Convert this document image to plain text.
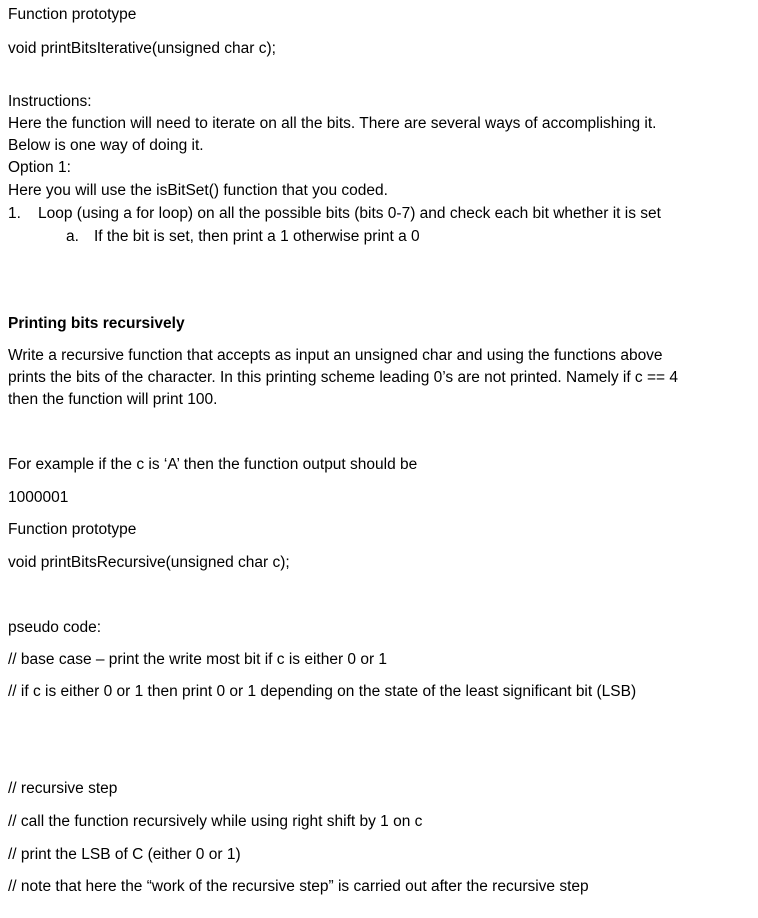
Function prototype
void printBitsIterative(unsigned char c);
Instructions:
Here the function will need to iterate on all the bits. There are several ways of accomplishing it.
Below is one way of doing it.
Option 1:
Here you will use the isBitSet() function that you coded.
1. Loop (using a for loop) on all the possible bits (bits 0-7) and check each bit whether it is set
a. If the bit is set, then print a 1 otherwise print a 0
Printing bits recursively
Write a recursive function that accepts as input an unsigned char and using the functions above
prints the bits of the character. In this printing scheme leading 0’s are not printed. Namely if c == 4
then the function will print 100.
For example if the c is ‘A’ then the function output should be
1000001
Function prototype
void printBitsRecursive(unsigned char c);
pseudo code:
// base case – print the write most bit if c is either 0 or 1
// if c is either 0 or 1 then print 0 or 1 depending on the state of the least significant bit (LSB)
// recursive step
// call the function recursively while using right shift by 1 on c
// print the LSB of C (either 0 or 1)
// note that here the “work of the recursive step” is carried out after the recursive step
